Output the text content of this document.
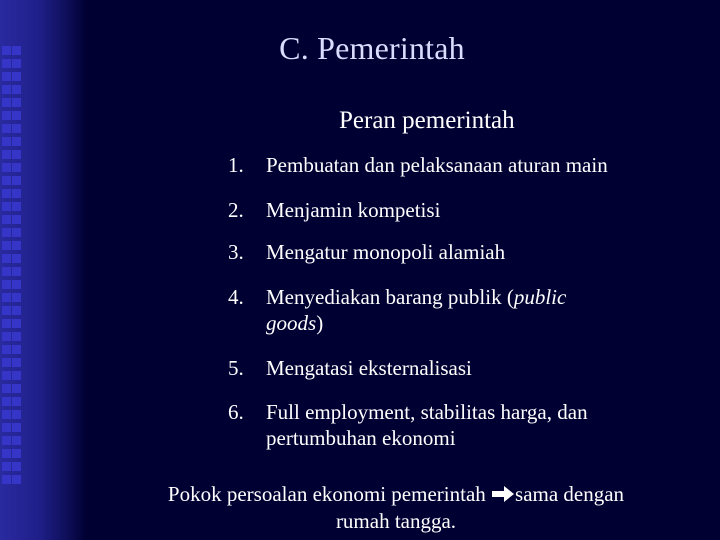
C. Pemerintah
Peran pemerintah
1.	Pembuatan dan pelaksanaan aturan main
2.	Menjamin kompetisi
3.	Mengatur monopoli alamiah
4.	Menyediakan barang publik (public
goods)
5.	Mengatasi eksternalisasi
6.	Full employment, stabilitas harga, dan
pertumbuhan ekonomi
Pokok persoalan ekonomi pemerintah sama dengan
rumah tangga.
